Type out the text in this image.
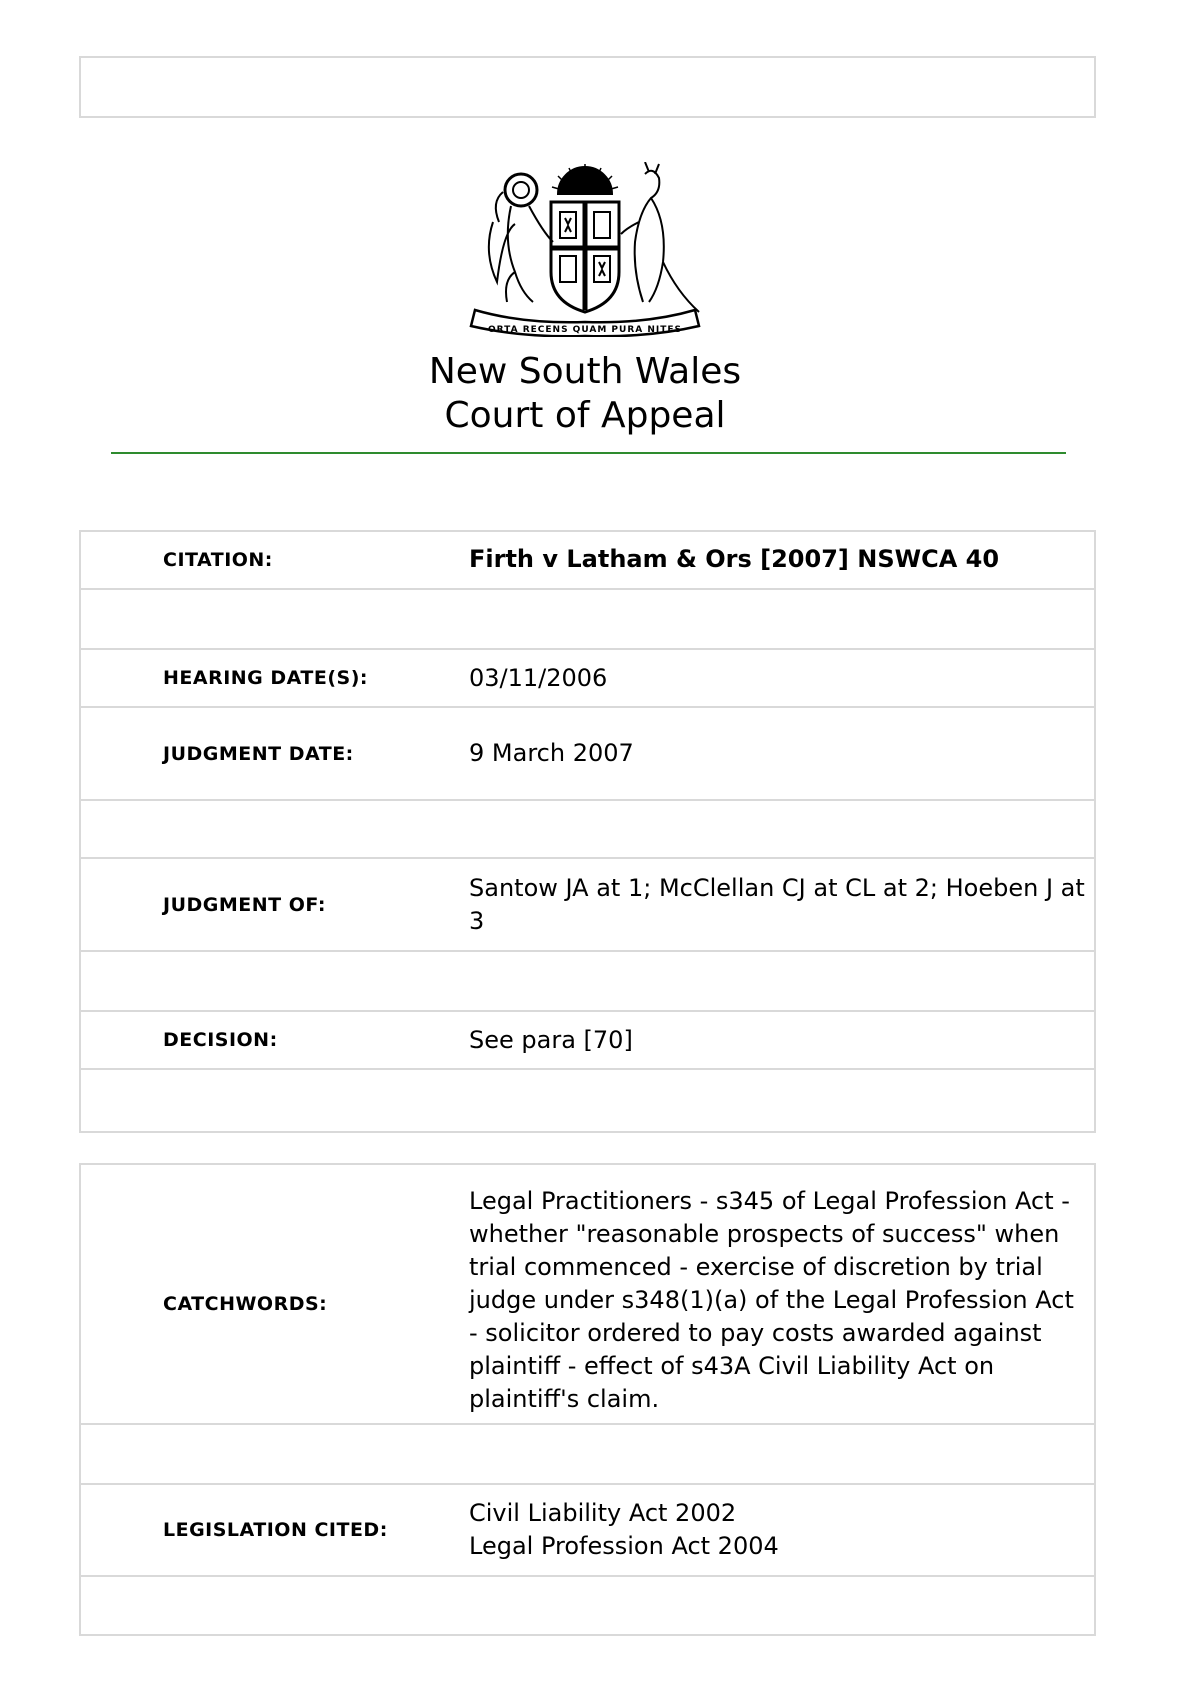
ORTA RECENS QUAM PURA NITES
New South Wales
Court of Appeal
CITATION:	Firth v Latham & Ors [2007] NSWCA 40

HEARING DATE(S):	03/11/2006
JUDGMENT DATE:	9 March 2007

JUDGMENT OF:	Santow JA at 1; McClellan CJ at CL at 2; Hoeben J at 3

DECISION:	See para [70]

CATCHWORDS:	Legal Practitioners - s345 of Legal Profession Act - whether "reasonable prospects of success" when trial commenced - exercise of discretion by trial judge under s348(1)(a) of the Legal Profession Act - solicitor ordered to pay costs awarded against plaintiff - effect of s43A Civil Liability Act on plaintiff's claim.

LEGISLATION CITED:	Civil Liability Act 2002
Legal Profession Act 2004
